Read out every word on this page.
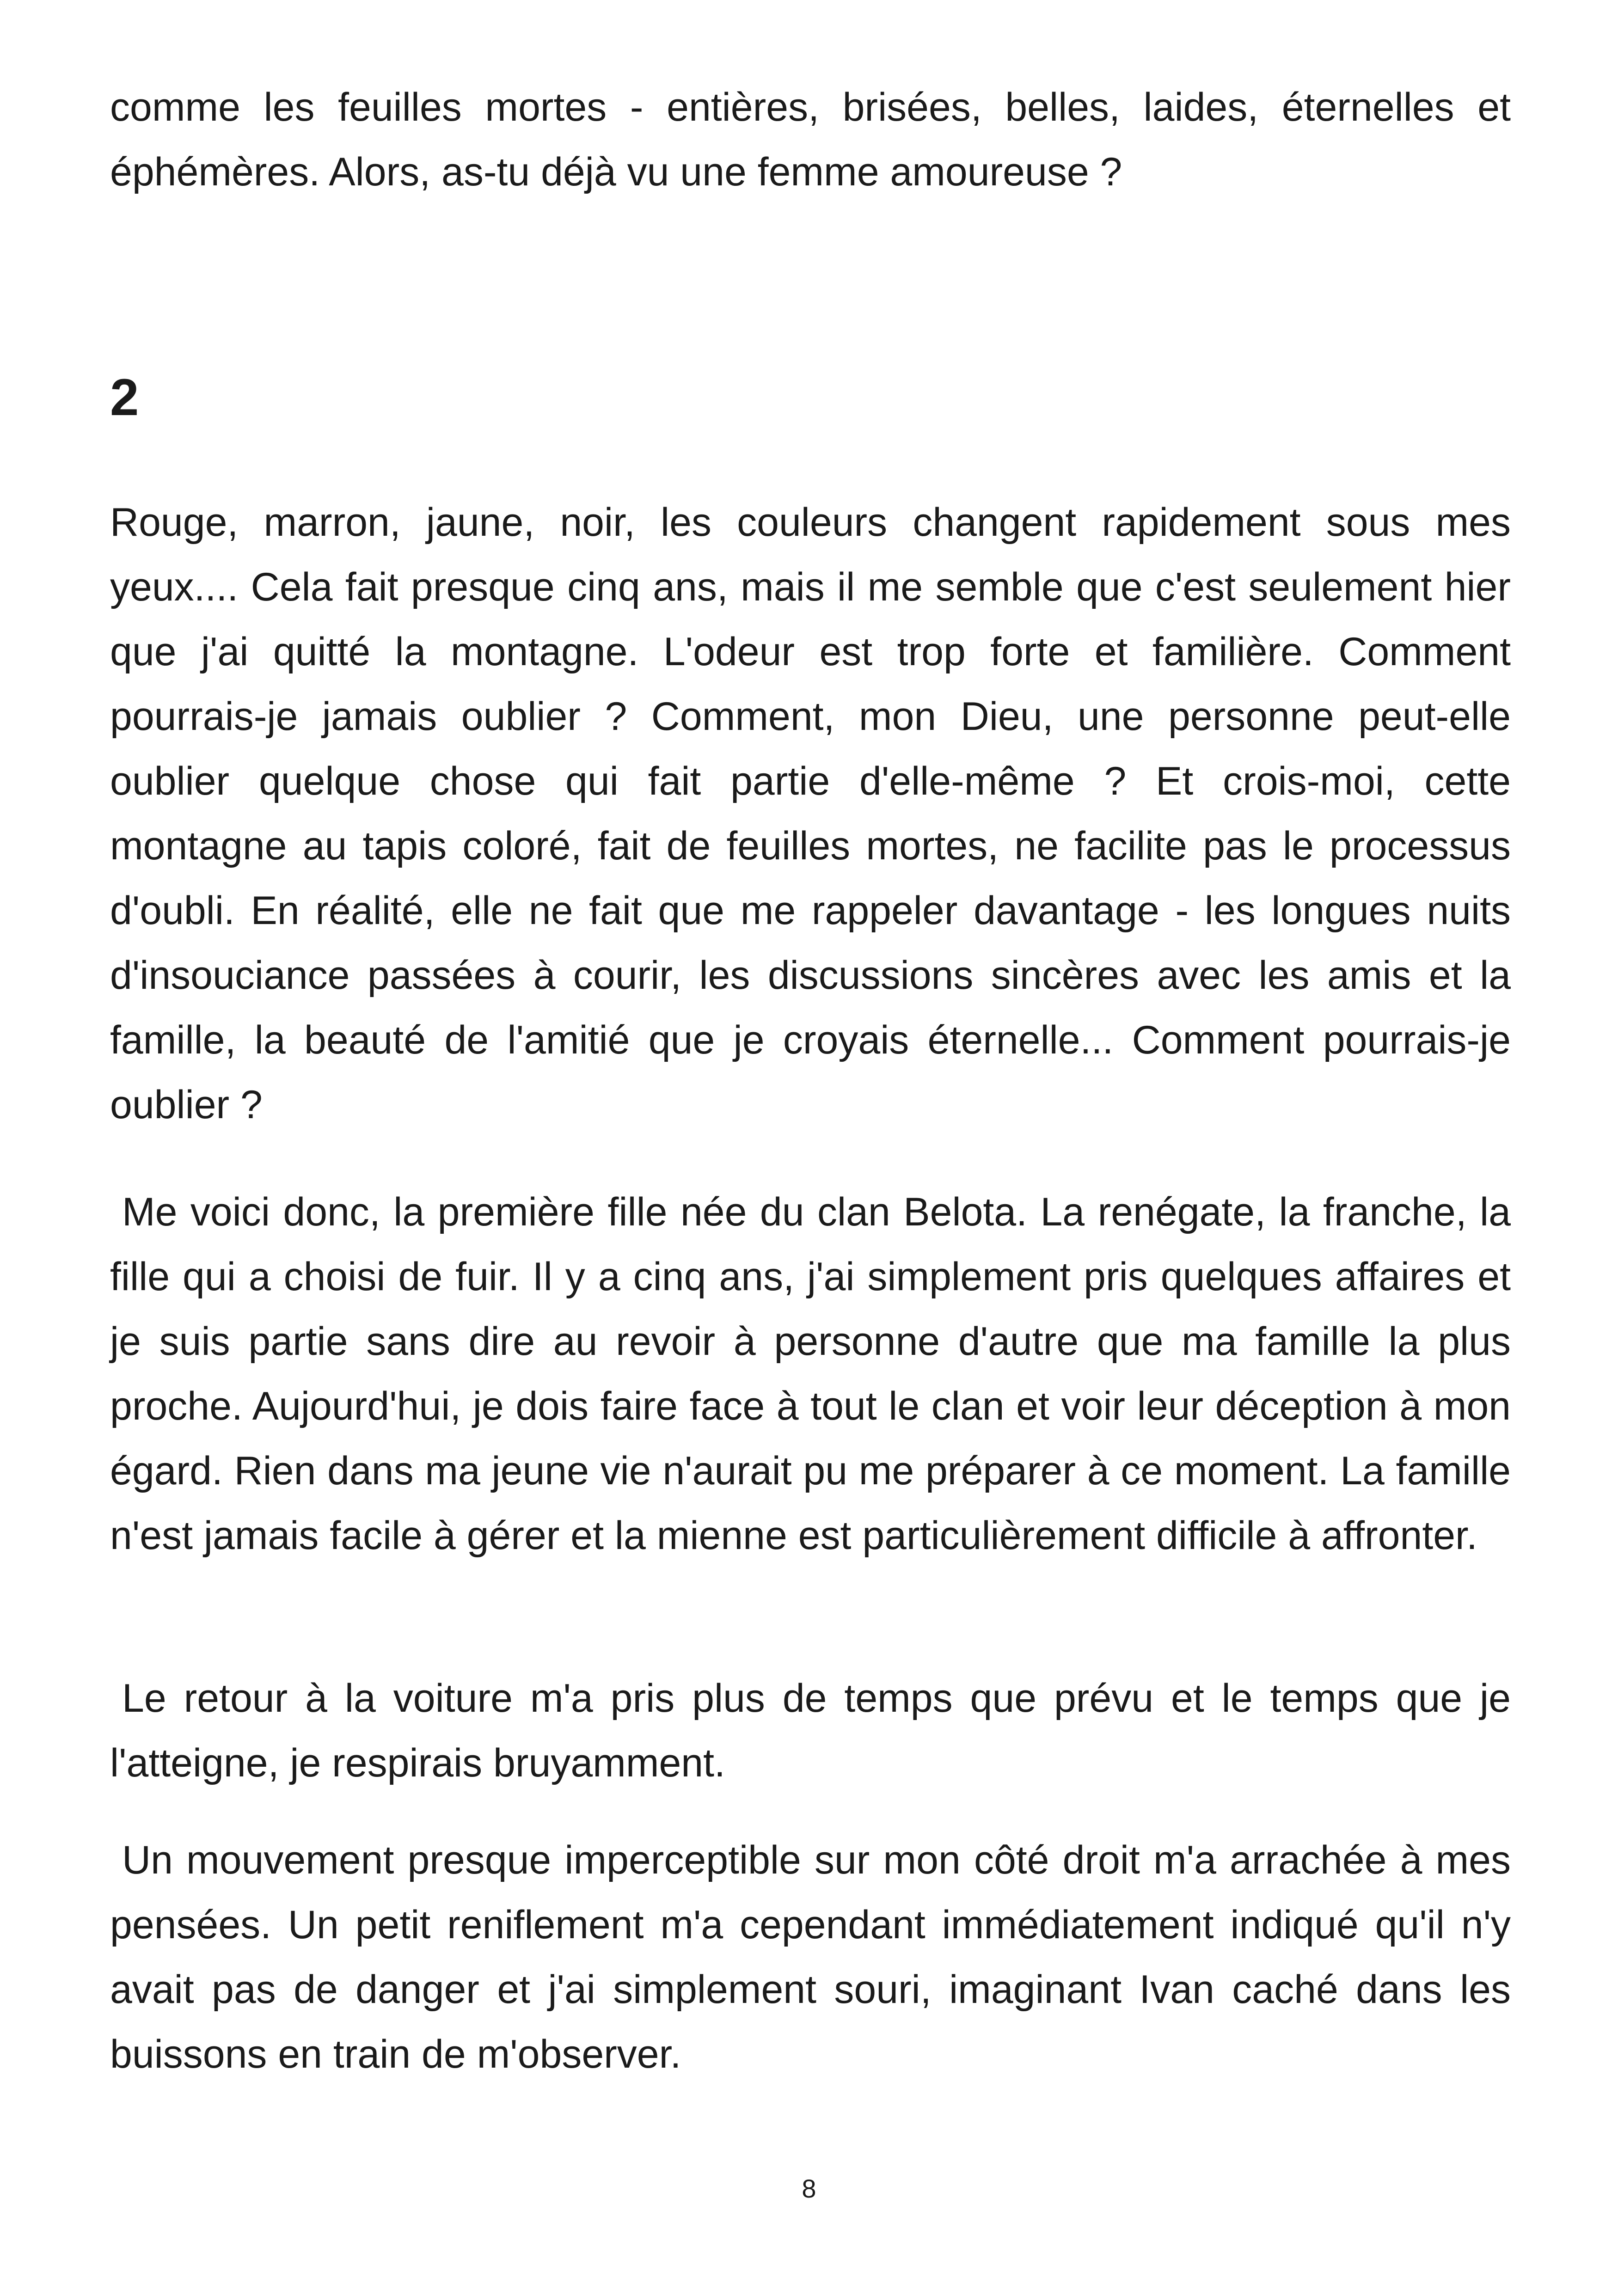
comme les feuilles mortes - entières, brisées, belles, laides, éternelles et éphémères. Alors, as-tu déjà vu une femme amoureuse ?

2

Rouge, marron, jaune, noir, les couleurs changent rapidement sous mes yeux.... Cela fait presque cinq ans, mais il me semble que c'est seulement hier que j'ai quitté la montagne. L'odeur est trop forte et familière. Comment pourrais-je jamais oublier ? Comment, mon Dieu, une personne peut-elle oublier quelque chose qui fait partie d'elle-même ? Et crois-moi, cette montagne au tapis coloré, fait de feuilles mortes, ne facilite pas le processus d'oubli. En réalité, elle ne fait que me rappeler davantage - les longues nuits d'insouciance passées à courir, les discussions sincères avec les amis et la famille, la beauté de l'amitié que je croyais éternelle... Comment pourrais-je oublier ?

Me voici donc, la première fille née du clan Belota. La renégate, la franche, la fille qui a choisi de fuir. Il y a cinq ans, j'ai simplement pris quelques affaires et je suis partie sans dire au revoir à personne d'autre que ma famille la plus proche. Aujourd'hui, je dois faire face à tout le clan et voir leur déception à mon égard. Rien dans ma jeune vie n'aurait pu me préparer à ce moment. La famille n'est jamais facile à gérer et la mienne est particulièrement difficile à affronter.

Le retour à la voiture m'a pris plus de temps que prévu et le temps que je l'atteigne, je respirais bruyamment.

Un mouvement presque imperceptible sur mon côté droit m'a arrachée à mes pensées. Un petit reniflement m'a cependant immédiatement indiqué qu'il n'y avait pas de danger et j'ai simplement souri, imaginant Ivan caché dans les buissons en train de m'observer.

8
